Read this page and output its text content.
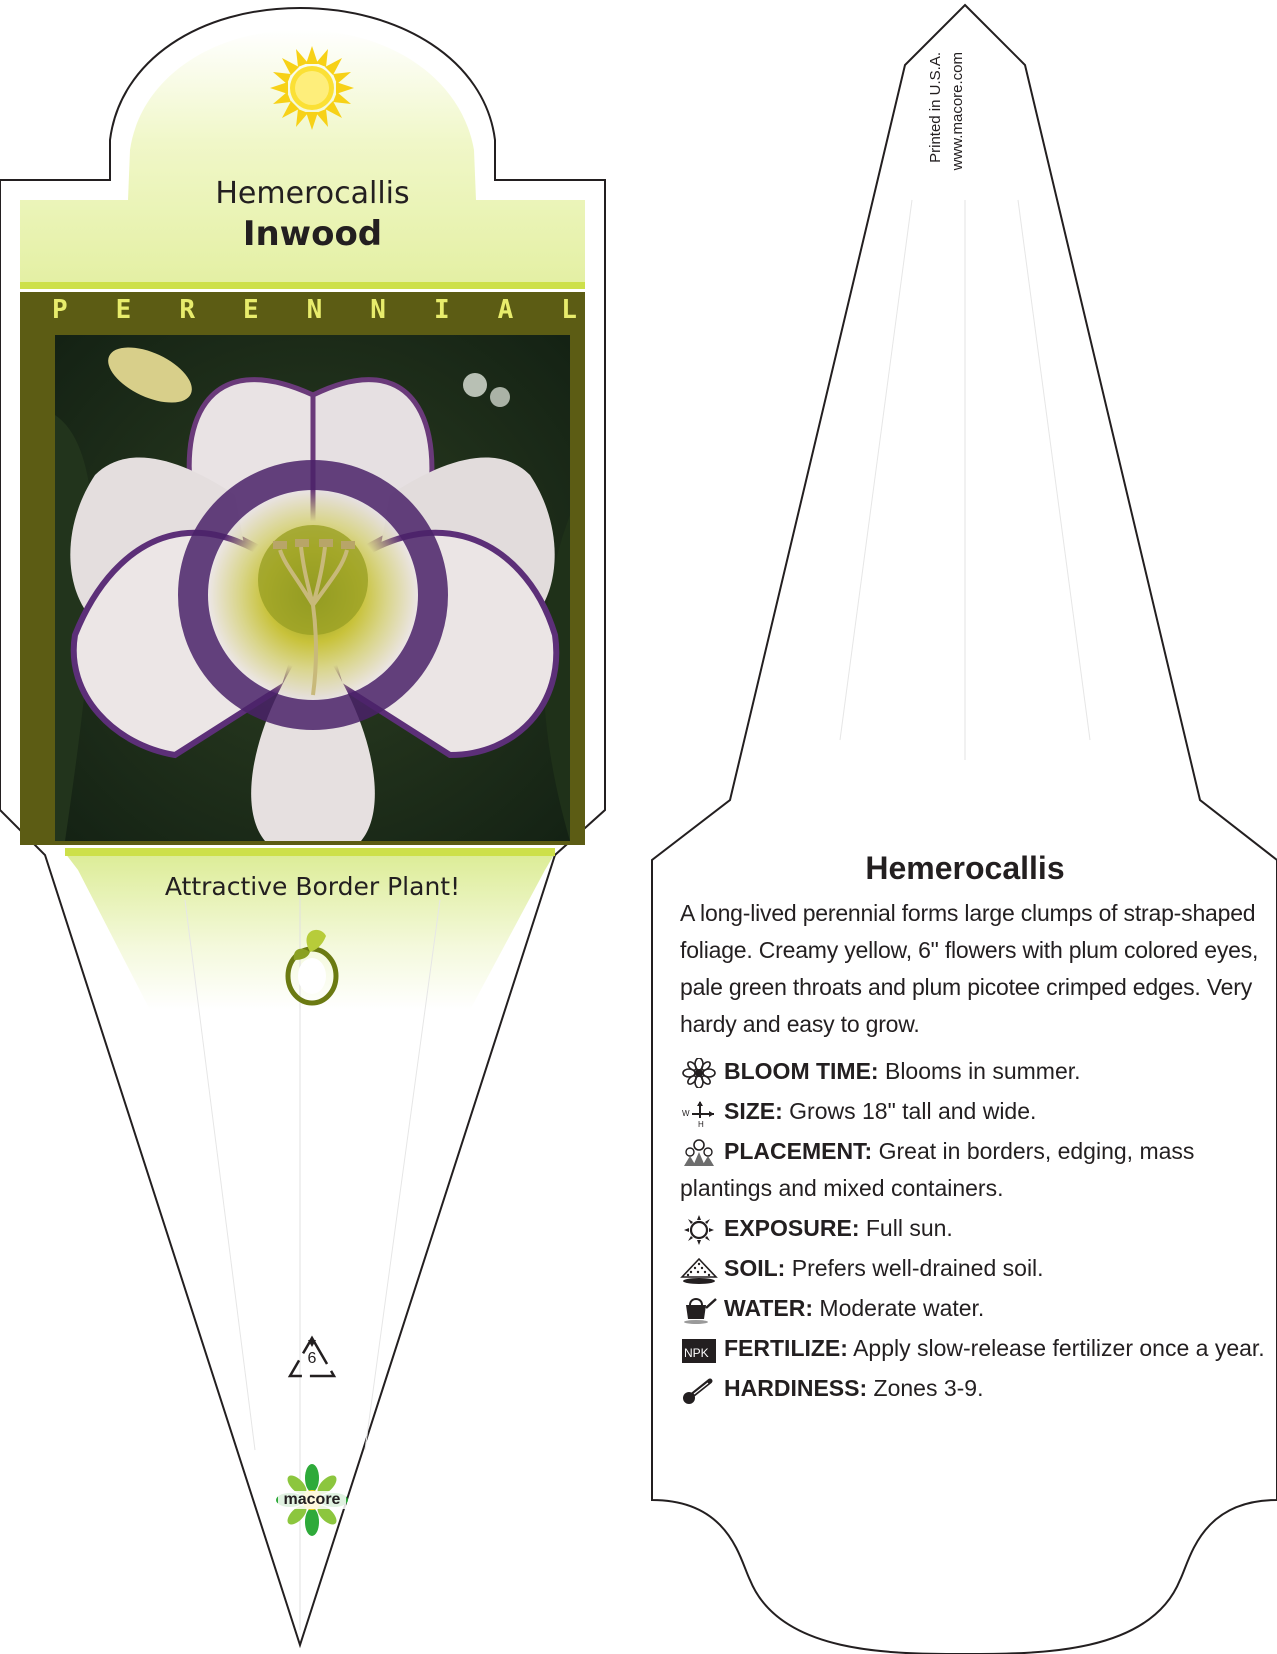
Hemerocallis
Inwood
P E R E N N I A L
Attractive Border Plant!
6
macore
Printed in U.S.A. www.macore.com
Hemerocallis
A long-lived perennial forms large clumps of strap-shaped foliage. Creamy yellow, 6" flowers with plum colored eyes, pale green throats and plum picotee crimped edges. Very hardy and easy to grow.
BLOOM TIME: Blooms in summer.
W
H
SIZE: Grows 18" tall and wide.
PLACEMENT: Great in borders, edging, mass plantings and mixed containers.
EXPOSURE: Full sun.
SOIL: Prefers well-drained soil.
WATER: Moderate water.
NPK FERTILIZE: Apply slow-release fertilizer once a year.
HARDINESS: Zones 3-9.
